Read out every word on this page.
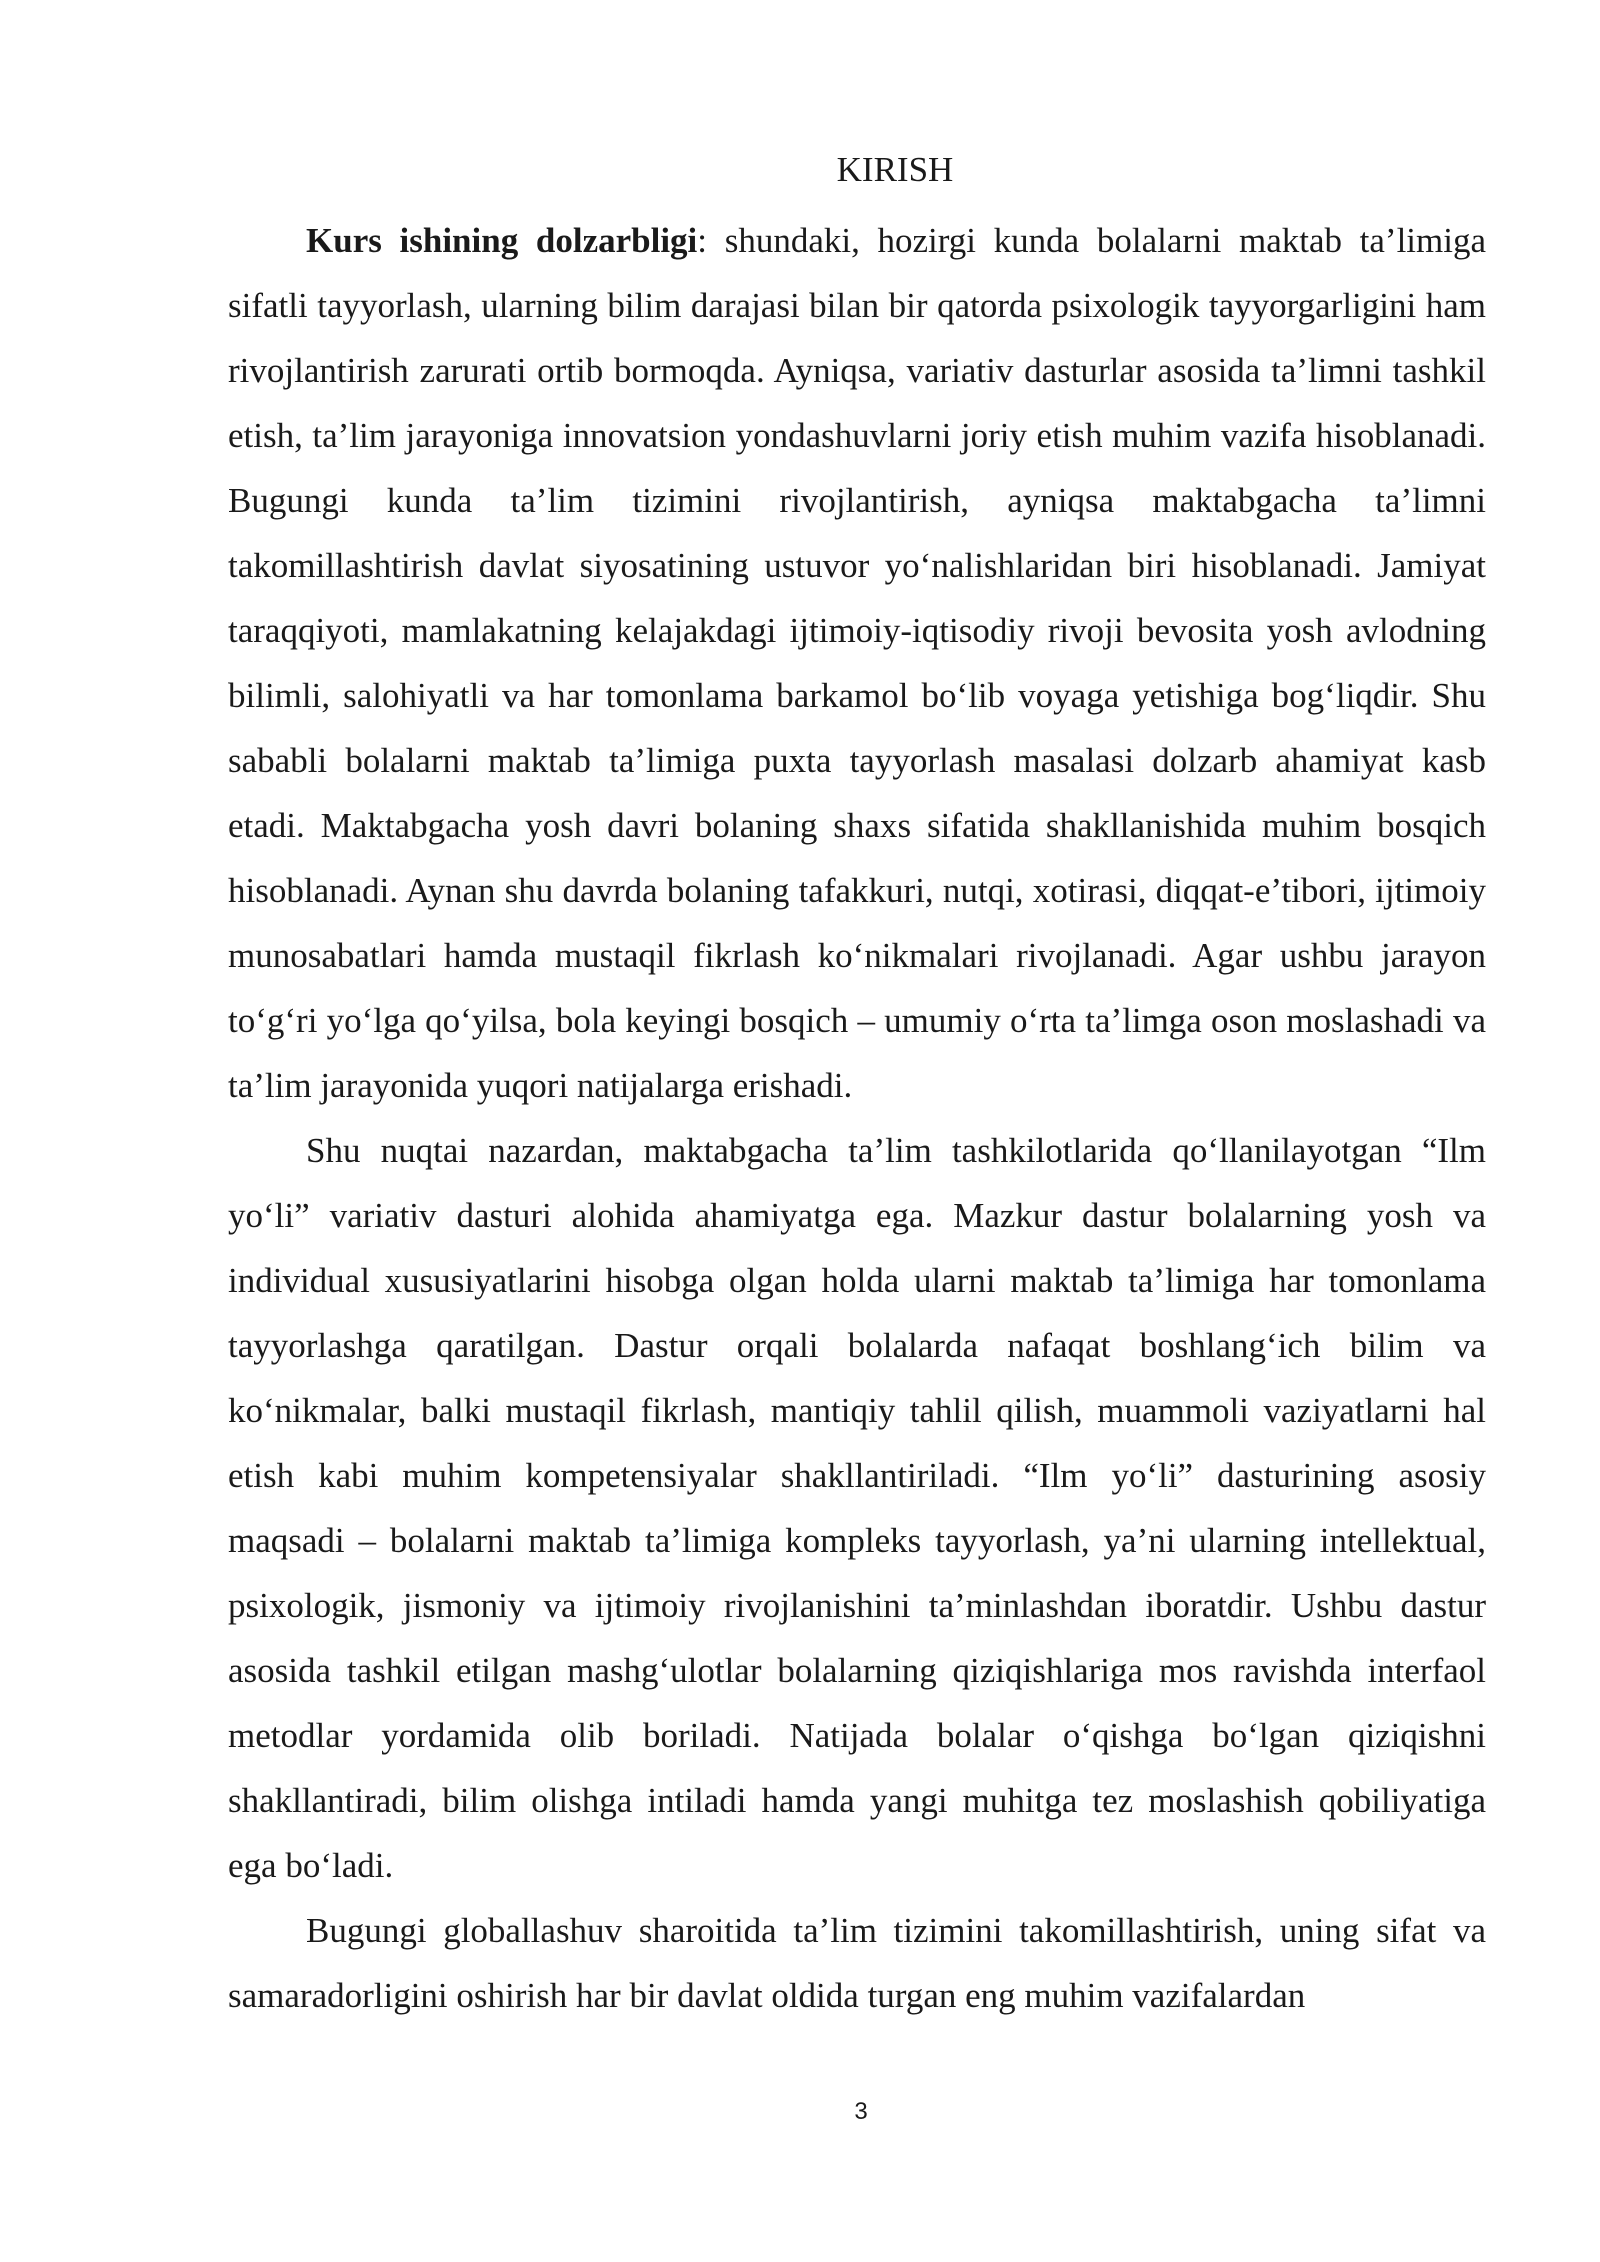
KIRISH

Kurs ishining dolzarbligi: shundaki, hozirgi kunda bolalarni maktab ta’limiga sifatli tayyorlash, ularning bilim darajasi bilan bir qatorda psixologik tayyorgarligini ham rivojlantirish zarurati ortib bormoqda. Ayniqsa, variativ dasturlar asosida ta’limni tashkil etish, ta’lim jarayoniga innovatsion yondashuvlarni joriy etish muhim vazifa hisoblanadi. Bugungi kunda ta’lim tizimini rivojlantirish, ayniqsa maktabgacha ta’limni takomillashtirish davlat siyosatining ustuvor yo‘nalishlaridan biri hisoblanadi. Jamiyat taraqqiyoti, mamlakatning kelajakdagi ijtimoiy-iqtisodiy rivoji bevosita yosh avlodning bilimli, salohiyatli va har tomonlama barkamol bo‘lib voyaga yetishiga bog‘liqdir. Shu sababli bolalarni maktab ta’limiga puxta tayyorlash masalasi dolzarb ahamiyat kasb etadi. Maktabgacha yosh davri bolaning shaxs sifatida shakllanishida muhim bosqich hisoblanadi. Aynan shu davrda bolaning tafakkuri, nutqi, xotirasi, diqqat-e’tibori, ijtimoiy munosabatlari hamda mustaqil fikrlash ko‘nikmalari rivojlanadi. Agar ushbu jarayon to‘g‘ri yo‘lga qo‘yilsa, bola keyingi bosqich – umumiy o‘rta ta’limga oson moslashadi va ta’lim jarayonida yuqori natijalarga erishadi.

Shu nuqtai nazardan, maktabgacha ta’lim tashkilotlarida qo‘llanilayotgan “Ilm yo‘li” variativ dasturi alohida ahamiyatga ega. Mazkur dastur bolalarning yosh va individual xususiyatlarini hisobga olgan holda ularni maktab ta’limiga har tomonlama tayyorlashga qaratilgan. Dastur orqali bolalarda nafaqat boshlang‘ich bilim va ko‘nikmalar, balki mustaqil fikrlash, mantiqiy tahlil qilish, muammoli vaziyatlarni hal etish kabi muhim kompetensiyalar shakllantiriladi. “Ilm yo‘li” dasturining asosiy maqsadi – bolalarni maktab ta’limiga kompleks tayyorlash, ya’ni ularning intellektual, psixologik, jismoniy va ijtimoiy rivojlanishini ta’minlashdan iboratdir. Ushbu dastur asosida tashkil etilgan mashg‘ulotlar bolalarning qiziqishlariga mos ravishda interfaol metodlar yordamida olib boriladi. Natijada bolalar o‘qishga bo‘lgan qiziqishni shakllantiradi, bilim olishga intiladi hamda yangi muhitga tez moslashish qobiliyatiga ega bo‘ladi.

Bugungi globallashuv sharoitida ta’lim tizimini takomillashtirish, uning sifat va samaradorligini oshirish har bir davlat oldida turgan eng muhim vazifalardan

3
